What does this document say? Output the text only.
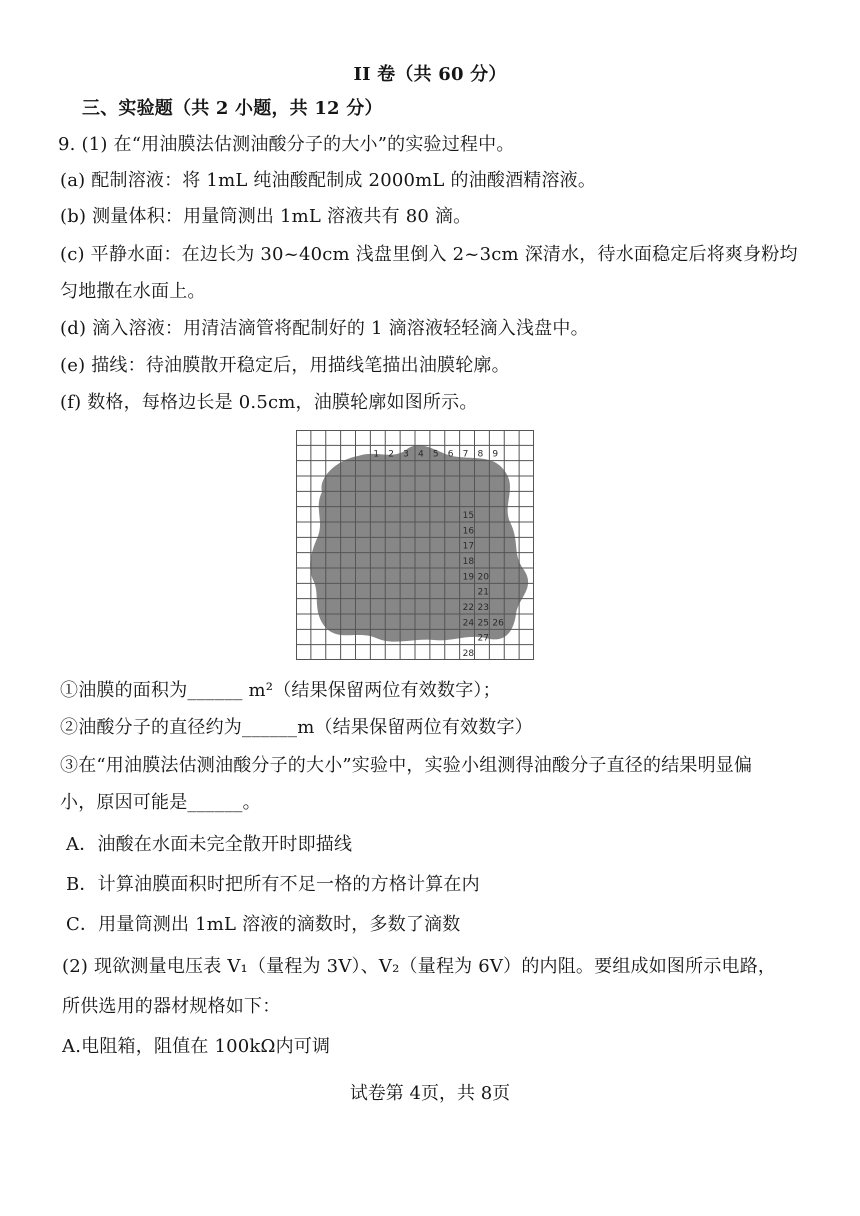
II 卷（共 60 分）
三、实验题（共 2 小题，共 12 分）
9. (1) 在“用油膜法估测油酸分子的大小”的实验过程中。
(a) 配制溶液：将 1mL 纯油酸配制成 2000mL 的油酸酒精溶液。
(b) 测量体积：用量筒测出 1mL 溶液共有 80 滴。
(c) 平静水面：在边长为 30~40cm 浅盘里倒入 2~3cm 深清水，待水面稳定后将爽身粉均
匀地撒在水面上。
(d) 滴入溶液：用清洁滴管将配制好的 1 滴溶液轻轻滴入浅盘中。
(e) 描线：待油膜散开稳定后，用描线笔描出油膜轮廓。
(f) 数格，每格边长是 0.5cm，油膜轮廓如图所示。
1 2 3 4 5 6 7 8 9
15
16
17
18
19 20
21
22 23
24 25 26
27
28
①油膜的面积为______ m²（结果保留两位有效数字）；
②油酸分子的直径约为______m（结果保留两位有效数字）
③在“用油膜法估测油酸分子的大小”实验中，实验小组测得油酸分子直径的结果明显偏
小，原因可能是______。
A．油酸在水面未完全散开时即描线
B．计算油膜面积时把所有不足一格的方格计算在内
C．用量筒测出 1mL 溶液的滴数时，多数了滴数
(2) 现欲测量电压表 V₁（量程为 3V）、V₂（量程为 6V）的内阻。要组成如图所示电路，
所供选用的器材规格如下：
A.电阻箱，阻值在 100kΩ内可调
试卷第 4页，共 8页
